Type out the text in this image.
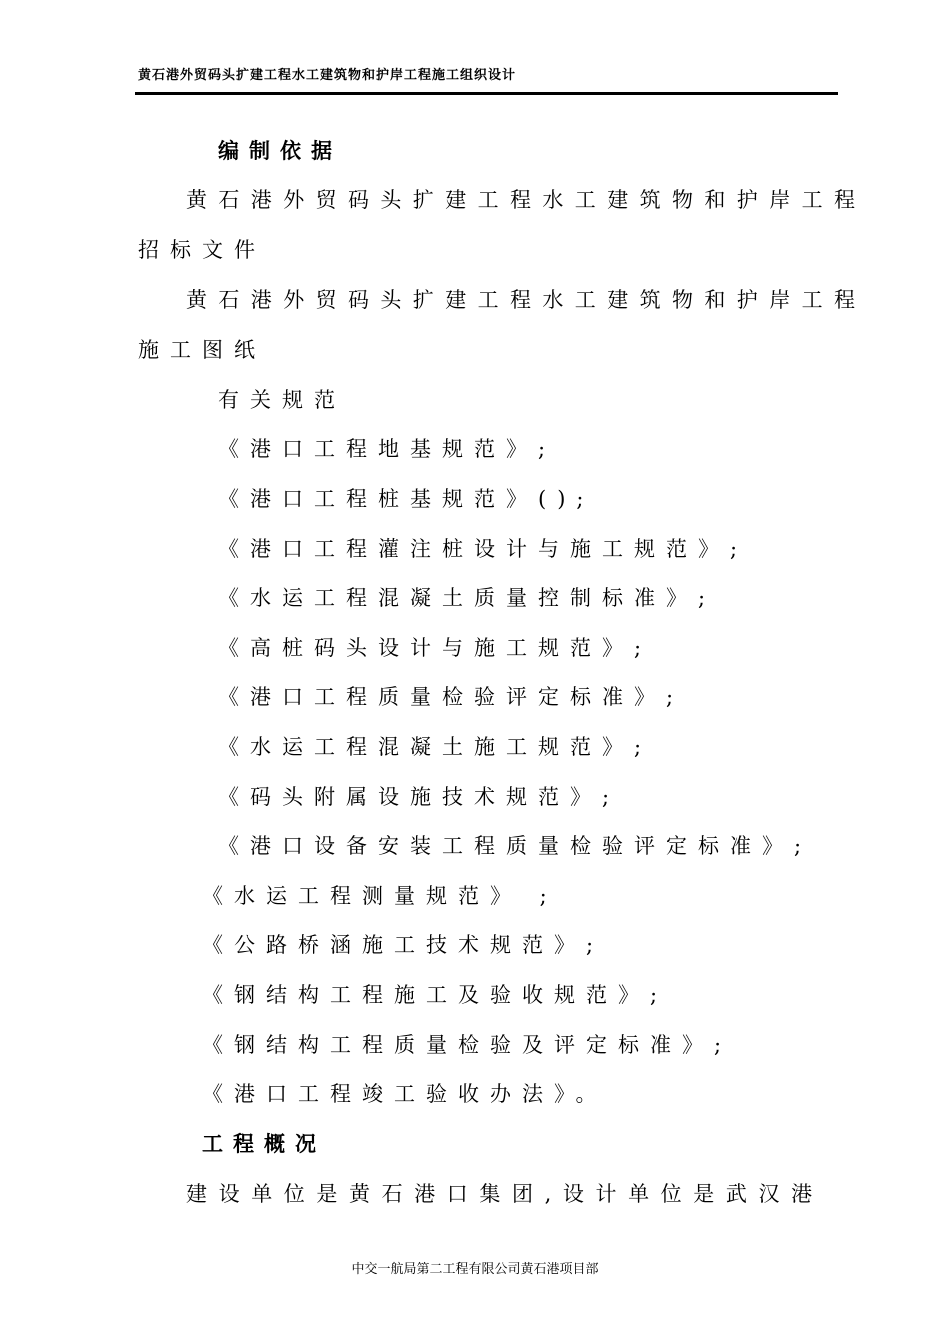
黄石港外贸码头扩建工程水工建筑物和护岸工程施工组织设计
编制依据
黄石港外贸码头扩建工程水工建筑物和护岸工程
招标文件
黄石港外贸码头扩建工程水工建筑物和护岸工程
施工图纸
有关规范
《港口工程地基规范》;
《港口工程桩基规范》();
《港口工程灌注桩设计与施工规范》;
《水运工程混凝土质量控制标准》;
《高桩码头设计与施工规范》;
《港口工程质量检验评定标准》;
《水运工程混凝土施工规范》;
《码头附属设施技术规范》;
《港口设备安装工程质量检验评定标准》;
《水运工程测量规范》 ;
《公路桥涵施工技术规范》;
《钢结构工程施工及验收规范》;
《钢结构工程质量检验及评定标准》;
《港口工程竣工验收办法》。
工程概况
建设单位是黄石港口集团,设计单位是武汉港
中交一航局第二工程有限公司黄石港项目部
